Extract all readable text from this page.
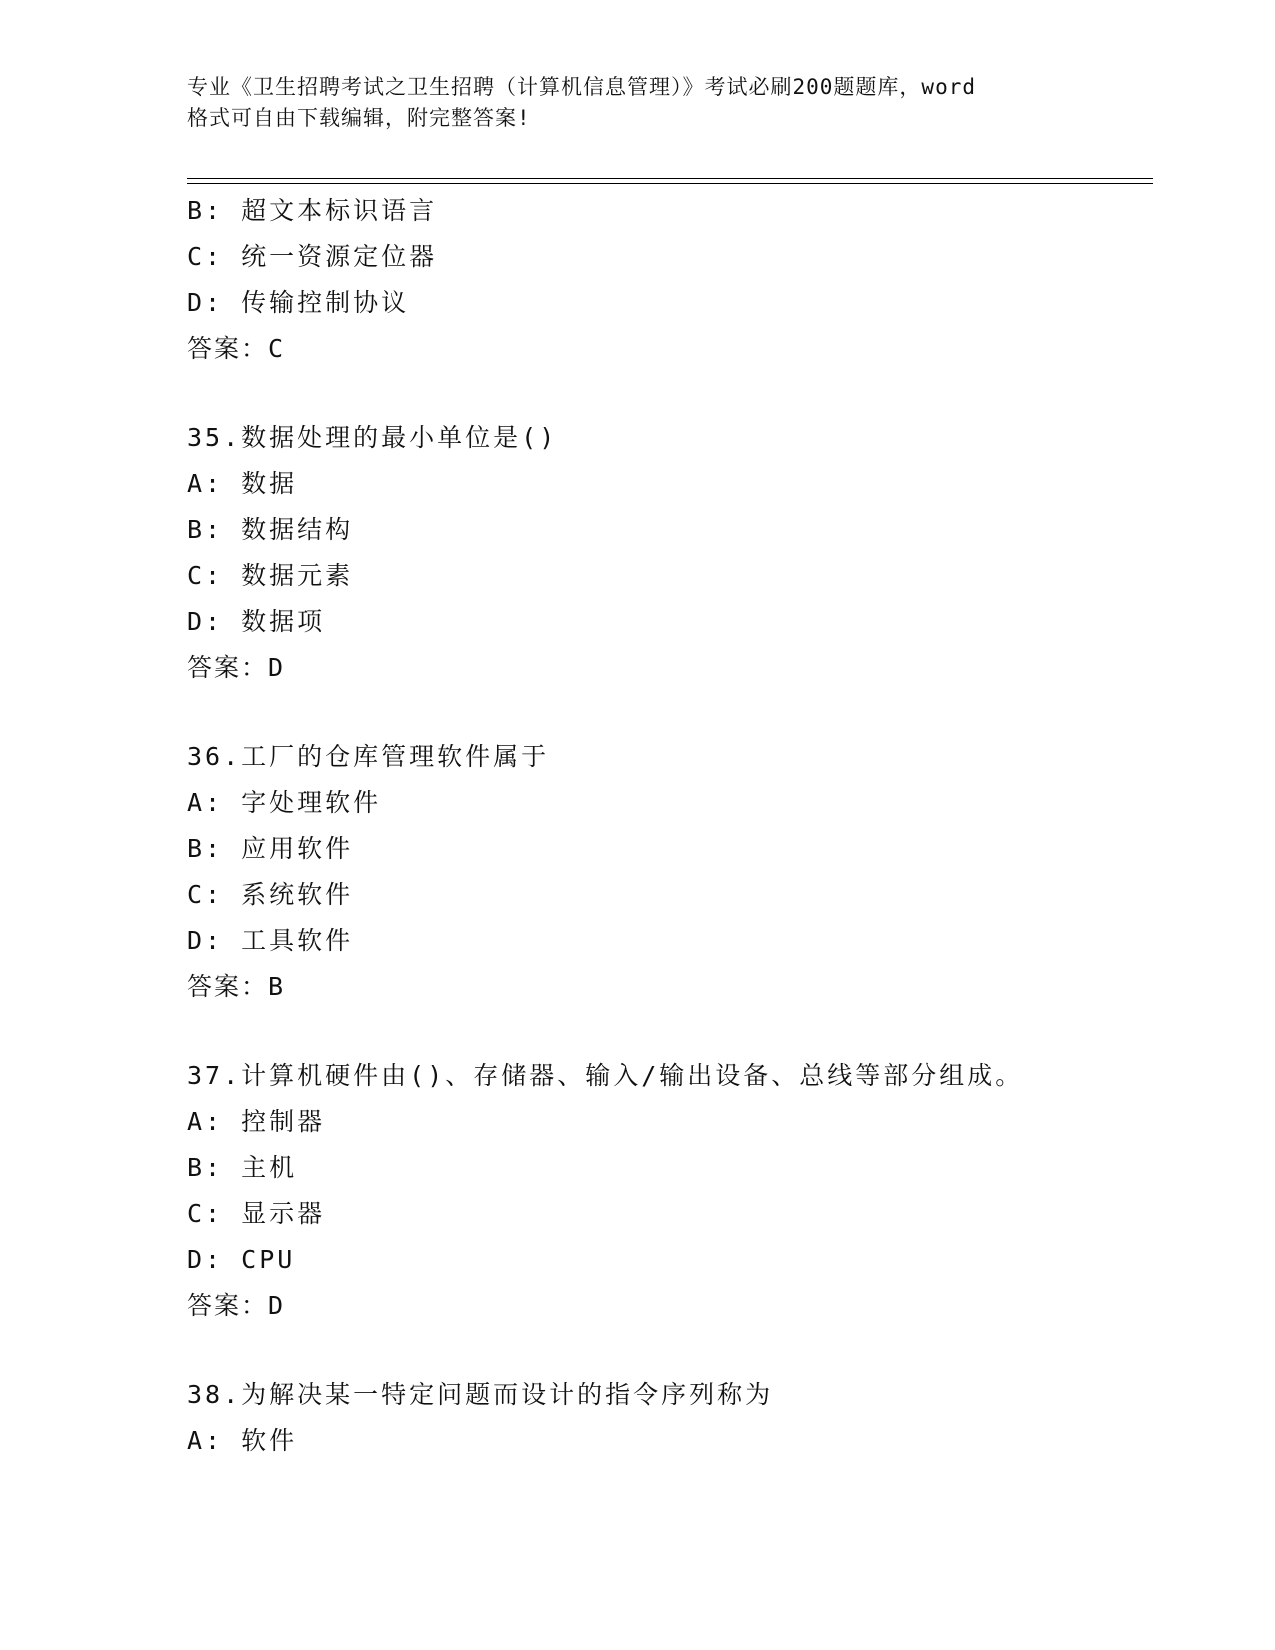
专业《卫生招聘考试之卫生招聘（计算机信息管理）》考试必刷200题题库，word
格式可自由下载编辑，附完整答案!
B: 超文本标识语言
C: 统一资源定位器
D: 传输控制协议
答案：C
35.数据处理的最小单位是()
A: 数据
B: 数据结构
C: 数据元素
D: 数据项
答案：D
36.工厂的仓库管理软件属于
A: 字处理软件
B: 应用软件
C: 系统软件
D: 工具软件
答案：B
37.计算机硬件由()、存储器、输入/输出设备、总线等部分组成。
A: 控制器
B: 主机
C: 显示器
D: CPU
答案：D
38.为解决某一特定问题而设计的指令序列称为
A: 软件
